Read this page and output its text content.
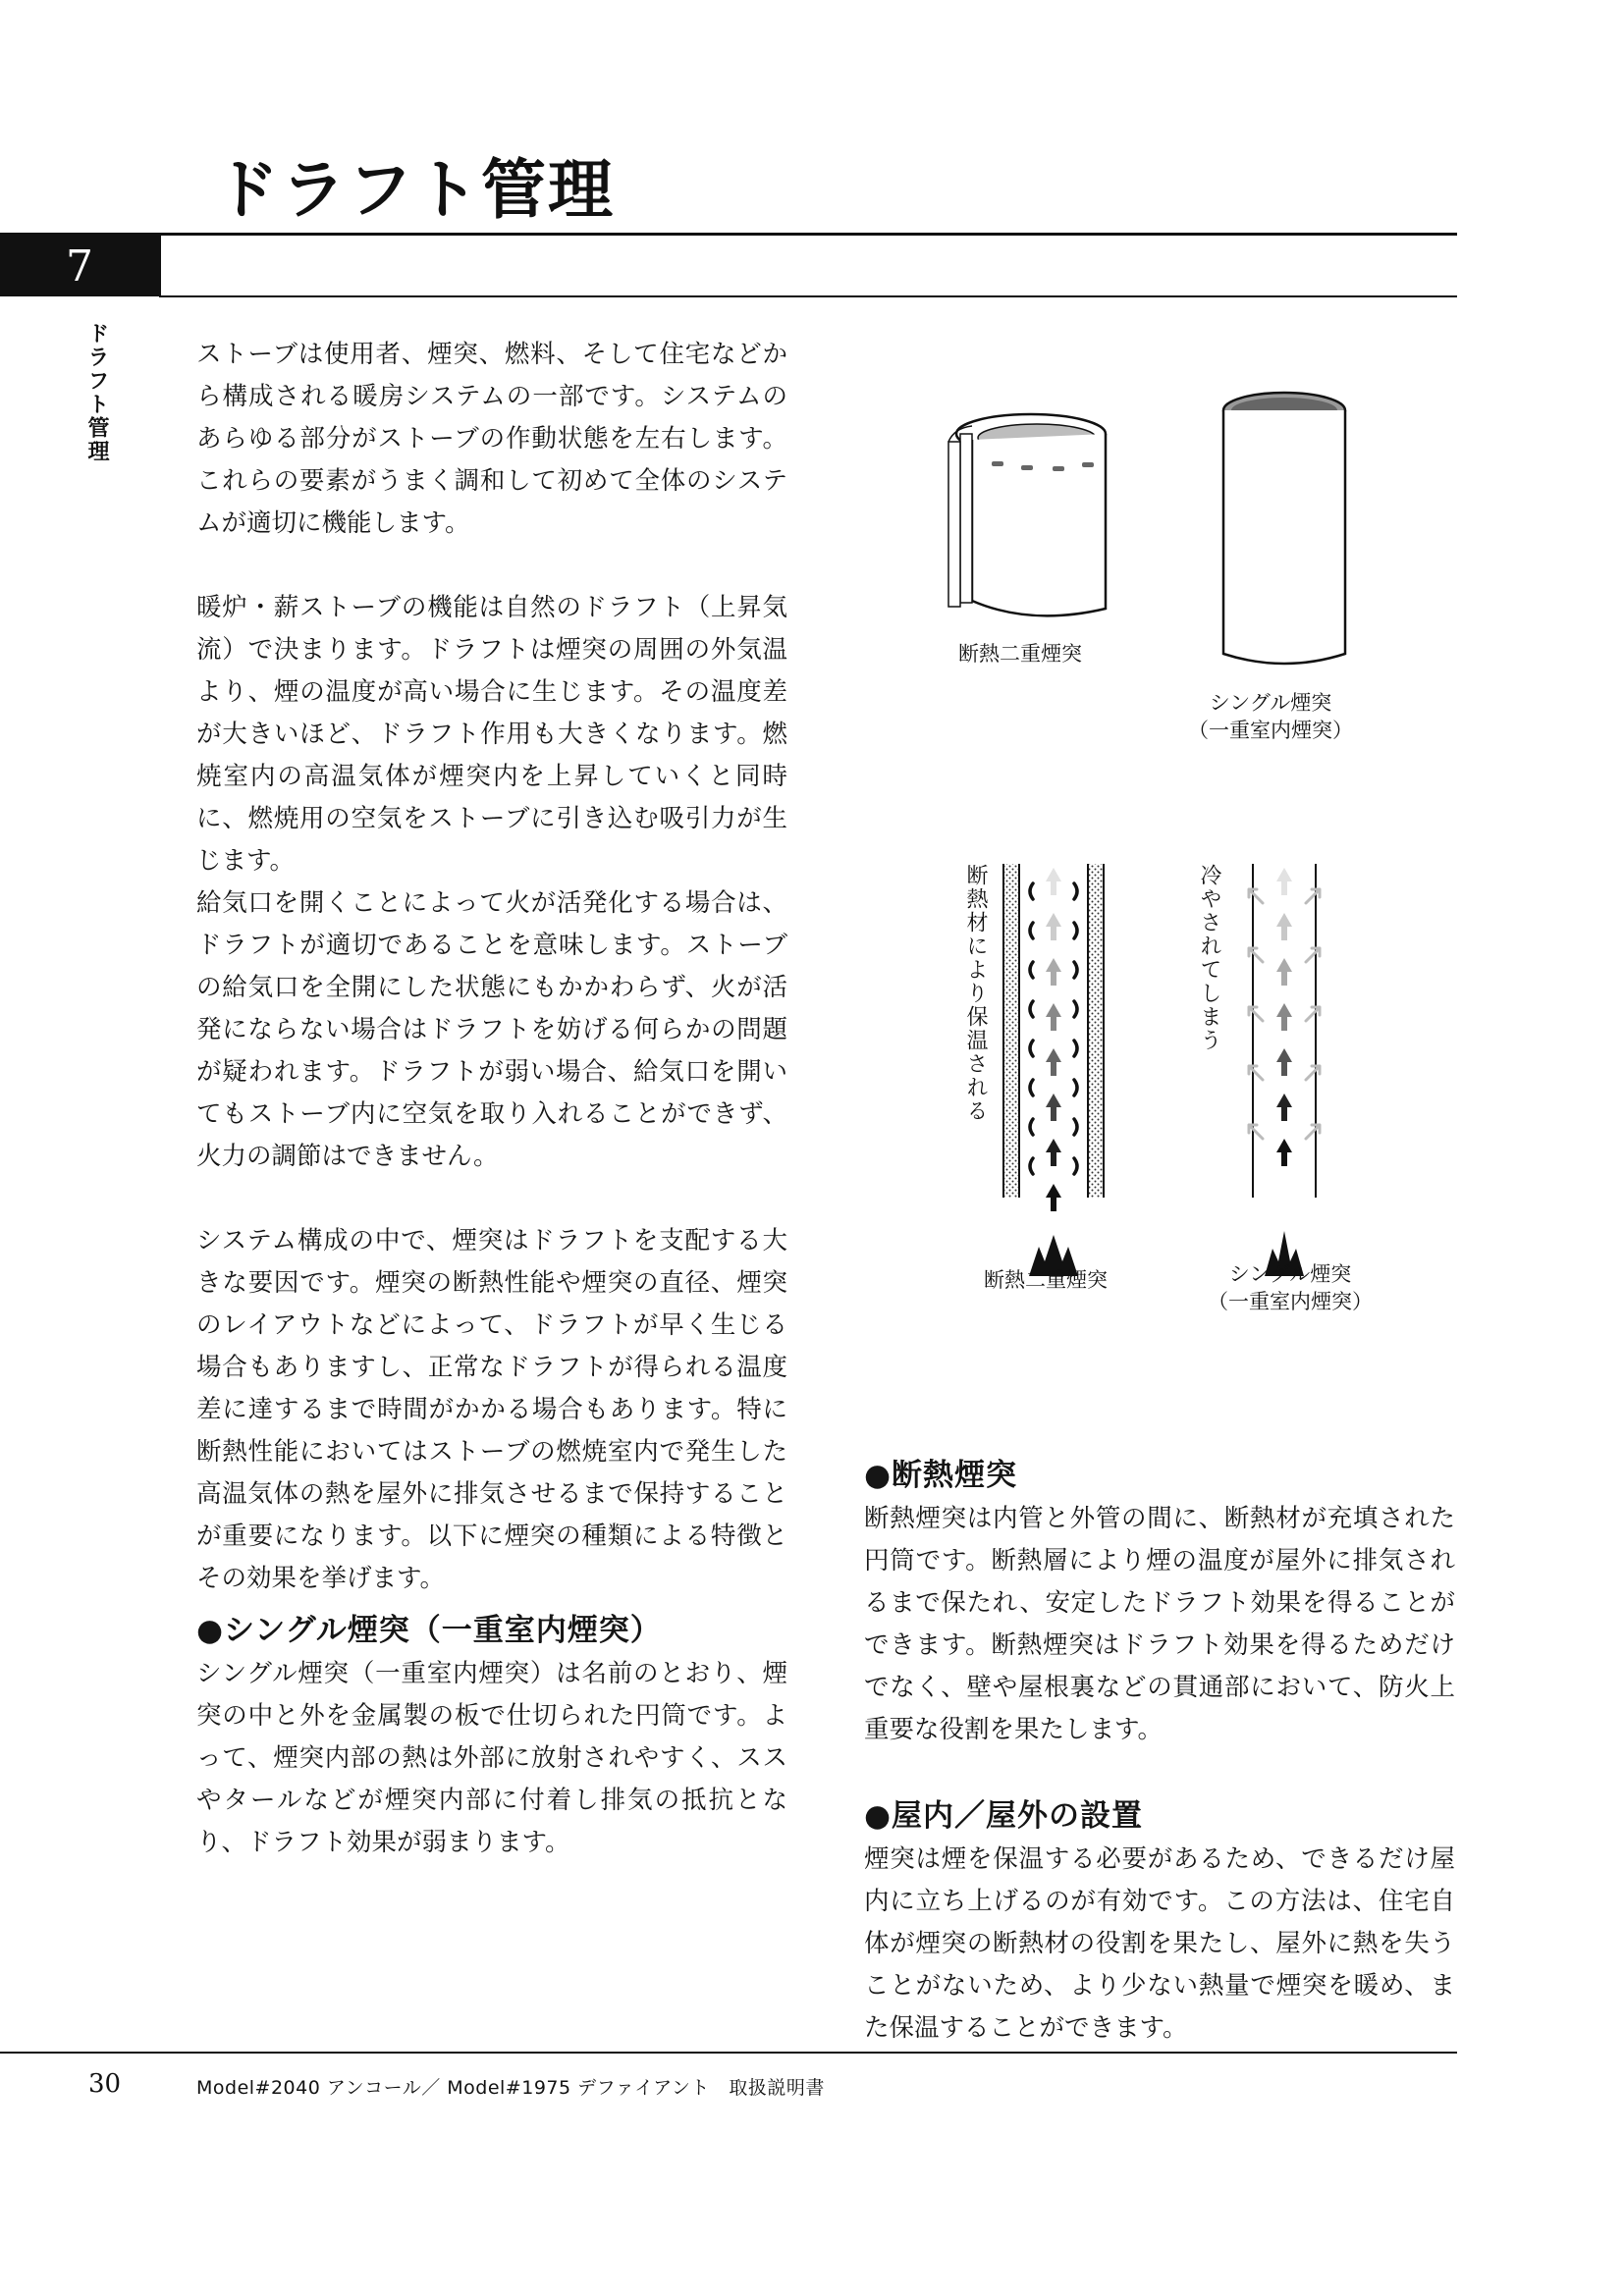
ドラフト管理
7
ドラフト管理	ストーブは使用者、煙突、燃料、そして住宅などから構成される暖房システムの一部です。システムのあらゆる部分がストーブの作動状態を左右します。これらの要素がうまく調和して初めて全体のシステムが適切に機能します。

暖炉・薪ストーブの機能は自然のドラフト（上昇気流）で決まります。ドラフトは煙突の周囲の外気温より、煙の温度が高い場合に生じます。その温度差が大きいほど、ドラフト作用も大きくなります。燃焼室内の高温気体が煙突内を上昇していくと同時に、燃焼用の空気をストーブに引き込む吸引力が生じます。

給気口を開くことによって火が活発化する場合は、ドラフトが適切であることを意味します。ストーブの給気口を全開にした状態にもかかわらず、火が活発にならない場合はドラフトを妨げる何らかの問題が疑われます。ドラフトが弱い場合、給気口を開いてもストーブ内に空気を取り入れることができず、火力の調節はできません。

システム構成の中で、煙突はドラフトを支配する大きな要因です。煙突の断熱性能や煙突の直径、煙突のレイアウトなどによって、ドラフトが早く生じる場合もありますし、正常なドラフトが得られる温度差に達するまで時間がかかる場合もあります。特に断熱性能においてはストーブの燃焼室内で発生した高温気体の熱を屋外に排気させるまで保持することが重要になります。以下に煙突の種類による特徴とその効果を挙げます。

●シングル煙突（一重室内煙突）

シングル煙突（一重室内煙突）は名前のとおり、煙突の中と外を金属製の板で仕切られた円筒です。よって、煙突内部の熱は外部に放射されやすく、ススやタールなどが煙突内部に付着し排気の抵抗となり、ドラフト効果が弱まります。

断熱二重煙突
シングル煙突
（一重室内煙突）
断熱材により保温される	冷やされてしまう
断熱二重煙突	シングル煙突
（一重室内煙突）
●断熱煙突

断熱煙突は内管と外管の間に、断熱材が充填された円筒です。断熱層により煙の温度が屋外に排気されるまで保たれ、安定したドラフト効果を得ることができます。断熱煙突はドラフト効果を得るためだけでなく、壁や屋根裏などの貫通部において、防火上重要な役割を果たします。

●屋内／屋外の設置

煙突は煙を保温する必要があるため、できるだけ屋内に立ち上げるのが有効です。この方法は、住宅自体が煙突の断熱材の役割を果たし、屋外に熱を失うことがないため、より少ない熱量で煙突を暖め、また保温することができます。

30	Model#2040 アンコール／ Model#1975 デファイアント　取扱説明書
